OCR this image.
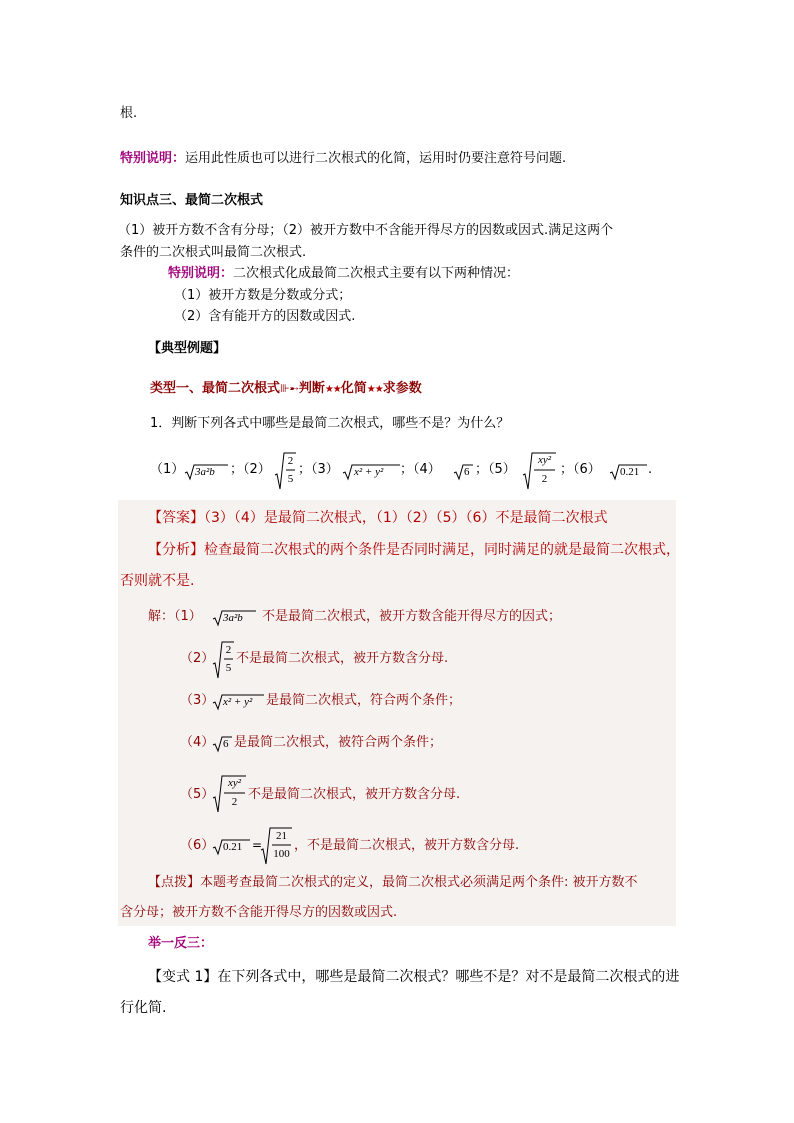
根.
特别说明：运用此性质也可以进行二次根式的化简，运用时仍要注意符号问题.
知识点三、最简二次根式
（1）被开方数不含有分母；（2）被开方数中不含能开得尽方的因数或因式.满足这两个
条件的二次根式叫最简二次根式.
特别说明：二次根式化成最简二次根式主要有以下两种情况：
（1）被开方数是分数或分式；
（2）含有能开方的因数或因式.
【典型例题】
类型一、最简二次根式⊪➸判断★★化简★★求参数
1．判断下列各式中哪些是最简二次根式，哪些不是？为什么？
（1） 3a²b ；（2）
2
5
；（3） x² + y² ；（4） 6 ；（5）
xy²
2
；（6） 0.21 .
【答案】（3）（4）是最简二次根式，（1）（2）（5）（6）不是最简二次根式
【分析】检查最简二次根式的两个条件是否同时满足，同时满足的就是最简二次根式，
否则就不是.
解：（1） 3a²b 不是最简二次根式，被开方数含能开得尽方的因式；
（2）
2
5
不是最简二次根式，被开方数含分母.
（3） x² + y² 是最简二次根式，符合两个条件；
（4） 6 是最简二次根式，被符合两个条件；
（5）
xy²
2 不是最简二次根式，被开方数含分母.
（6） 0.21 =
21
100
，不是最简二次根式，被开方数含分母.
【点拨】本题考查最简二次根式的定义，最简二次根式必须满足两个条件: 被开方数不
含分母；被开方数不含能开得尽方的因数或因式.
举一反三：
【变式 1】在下列各式中，哪些是最简二次根式？哪些不是？对不是最简二次根式的进
行化简.
